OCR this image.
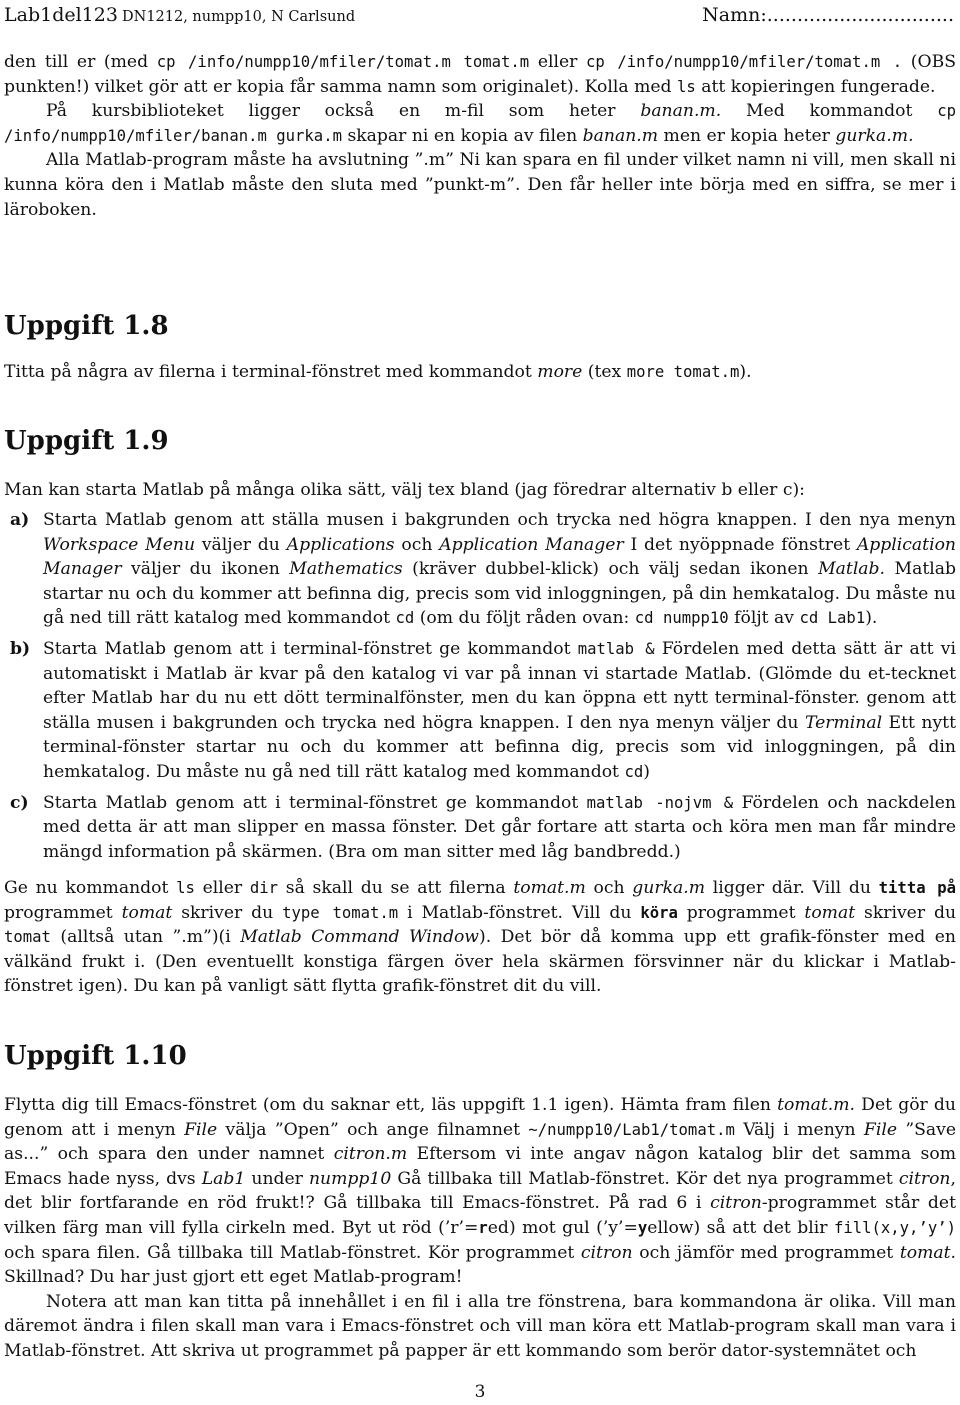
Lab1del123 DN1212, numpp10, N Carlsund	Namn:...............................

den till er (med cp /info/numpp10/mfiler/tomat.m tomat.m eller cp /info/numpp10/mfiler/tomat.m . (OBS punkten!) vilket gör att er kopia får samma namn som originalet). Kolla med ls att kopieringen fungerade.

På kursbiblioteket ligger också en m-fil som heter banan.m. Med kommandot cp /info/numpp10/mfiler/banan.m gurka.m skapar ni en kopia av filen banan.m men er kopia heter gurka.m.

Alla Matlab-program måste ha avslutning ”.m” Ni kan spara en fil under vilket namn ni vill, men skall ni kunna köra den i Matlab måste den sluta med ”punkt-m”. Den får heller inte börja med en siffra, se mer i läroboken.

Uppgift 1.8

Titta på några av filerna i terminal-fönstret med kommandot more (tex more tomat.m).

Uppgift 1.9
Man kan starta Matlab på många olika sätt, välj tex bland (jag föredrar alternativ b eller c):
a) Starta Matlab genom att ställa musen i bakgrunden och trycka ned högra knappen. I den nya menyn Workspace Menu väljer du Applications och Application Manager I det nyöppnade fönstret Application Manager väljer du ikonen Mathematics (kräver dubbel-klick) och välj sedan ikonen Matlab. Matlab startar nu och du kommer att befinna dig, precis som vid inloggningen, på din hemkatalog. Du måste nu gå ned till rätt katalog med kommandot cd (om du följt råden ovan: cd numpp10 följt av cd Lab1).
b) Starta Matlab genom att i terminal-fönstret ge kommandot matlab & Fördelen med detta sätt är att vi automatiskt i Matlab är kvar på den katalog vi var på innan vi startade Matlab. (Glömde du et-tecknet efter Matlab har du nu ett dött terminalfönster, men du kan öppna ett nytt terminal-fönster. genom att ställa musen i bakgrunden och trycka ned högra knappen. I den nya menyn väljer du Terminal Ett nytt terminal-fönster startar nu och du kommer att befinna dig, precis som vid inloggningen, på din hemkatalog. Du måste nu gå ned till rätt katalog med kommandot cd)
c) Starta Matlab genom att i terminal-fönstret ge kommandot matlab -nojvm & Fördelen och nackdelen med detta är att man slipper en massa fönster. Det går fortare att starta och köra men man får mindre mängd information på skärmen. (Bra om man sitter med låg bandbredd.)

Ge nu kommandot ls eller dir så skall du se att filerna tomat.m och gurka.m ligger där. Vill du titta på programmet tomat skriver du type tomat.m i Matlab-fönstret. Vill du köra programmet tomat skriver du tomat (alltså utan ”.m”)(i Matlab Command Window). Det bör då komma upp ett grafik-fönster med en välkänd frukt i. (Den eventuellt konstiga färgen över hela skärmen försvinner när du klickar i Matlab-fönstret igen). Du kan på vanligt sätt flytta grafik-fönstret dit du vill.

Uppgift 1.10

Flytta dig till Emacs-fönstret (om du saknar ett, läs uppgift 1.1 igen). Hämta fram filen tomat.m. Det gör du genom att i menyn File välja ”Open” och ange filnamnet ~/numpp10/Lab1/tomat.m Välj i menyn File ”Save as...” och spara den under namnet citron.m Eftersom vi inte angav någon katalog blir det samma som Emacs hade nyss, dvs Lab1 under numpp10 Gå tillbaka till Matlab-fönstret. Kör det nya programmet citron, det blir fortfarande en röd frukt!? Gå tillbaka till Emacs-fönstret. På rad 6 i citron-programmet står det vilken färg man vill fylla cirkeln med. Byt ut röd (’r’=red) mot gul (’y’=yellow) så att det blir fill(x,y,’y’) och spara filen. Gå tillbaka till Matlab-fönstret. Kör programmet citron och jämför med programmet tomat. Skillnad? Du har just gjort ett eget Matlab-program!

Notera att man kan titta på innehållet i en fil i alla tre fönstrena, bara kommandona är olika. Vill man däremot ändra i filen skall man vara i Emacs-fönstret och vill man köra ett Matlab-program skall man vara i Matlab-fönstret. Att skriva ut programmet på papper är ett kommando som berör dator-systemnätet och

3
